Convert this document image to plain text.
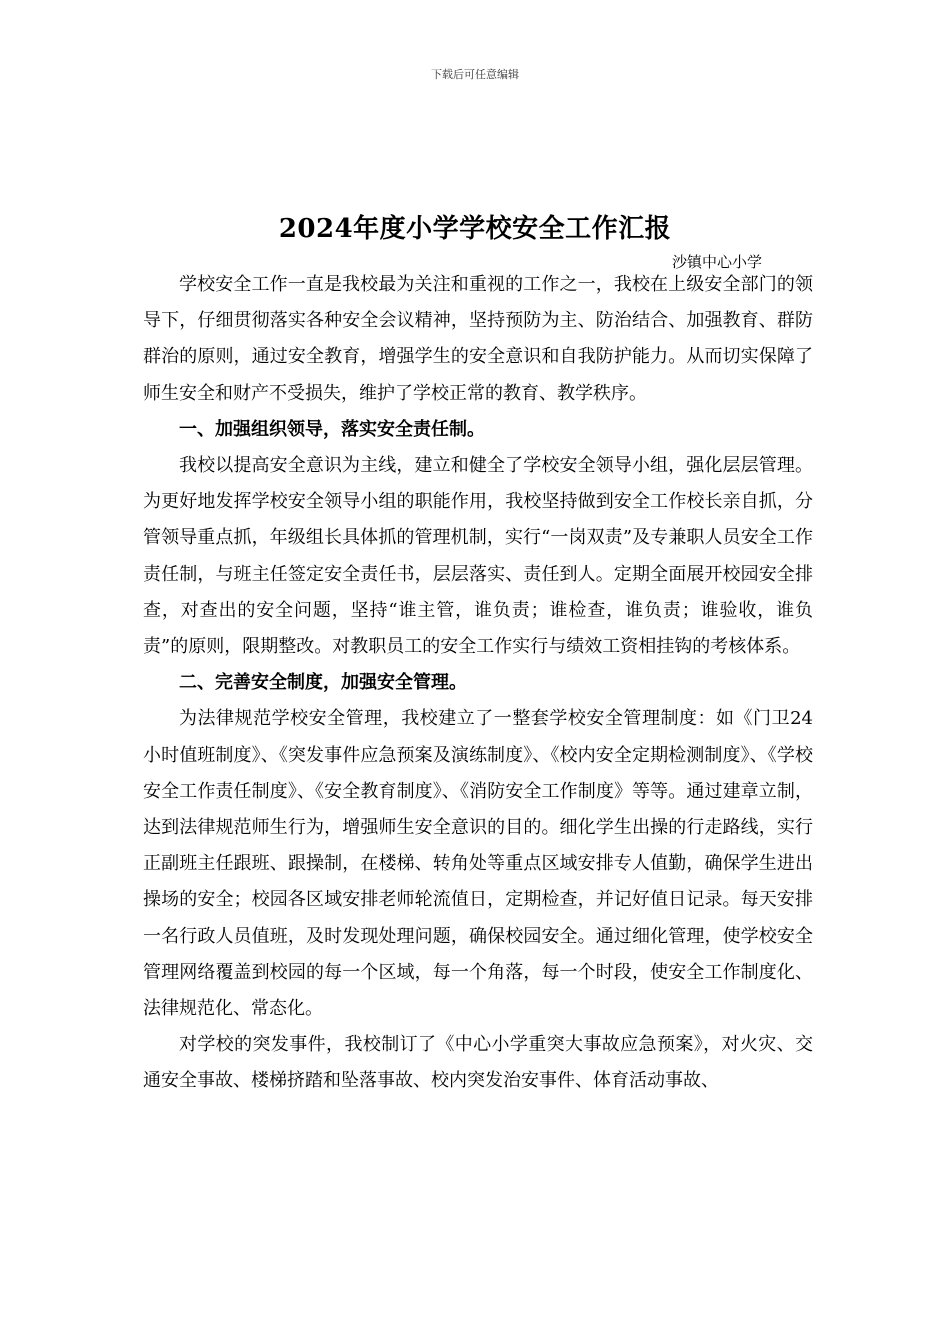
下载后可任意编辑
2024年度小学学校安全工作汇报
沙镇中心小学

学校安全工作一直是我校最为关注和重视的工作之一，我校在上级安全部门的领导下，仔细贯彻落实各种安全会议精神，坚持预防为主、防治结合、加强教育、群防群治的原则，通过安全教育，增强学生的安全意识和自我防护能力。从而切实保障了师生安全和财产不受损失，维护了学校正常的教育、教学秩序。

一、加强组织领导，落实安全责任制。

我校以提高安全意识为主线，建立和健全了学校安全领导小组，强化层层管理。为更好地发挥学校安全领导小组的职能作用，我校坚持做到安全工作校长亲自抓，分管领导重点抓，年级组长具体抓的管理机制，实行“一岗双责”及专兼职人员安全工作责任制，与班主任签定安全责任书，层层落实、责任到人。定期全面展开校园安全排查，对查出的安全问题，坚持“谁主管，谁负责；谁检查，谁负责；谁验收，谁负责”的原则，限期整改。对教职员工的安全工作实行与绩效工资相挂钩的考核体系。

二、完善安全制度，加强安全管理。

为法律规范学校安全管理，我校建立了一整套学校安全管理制度：如《门卫24小时值班制度》、《突发事件应急预案及演练制度》、《校内安全定期检测制度》、《学校安全工作责任制度》、《安全教育制度》、《消防安全工作制度》等等。通过建章立制，达到法律规范师生行为，增强师生安全意识的目的。细化学生出操的行走路线，实行正副班主任跟班、跟操制，在楼梯、转角处等重点区域安排专人值勤，确保学生进出操场的安全；校园各区域安排老师轮流值日，定期检查，并记好值日记录。每天安排一名行政人员值班，及时发现处理问题，确保校园安全。通过细化管理，使学校安全管理网络覆盖到校园的每一个区域，每一个角落，每一个时段，使安全工作制度化、法律规范化、常态化。

对学校的突发事件，我校制订了《中心小学重突大事故应急预案》，对火灾、交通安全事故、楼梯挤踏和坠落事故、校内突发治安事件、体育活动事故、
